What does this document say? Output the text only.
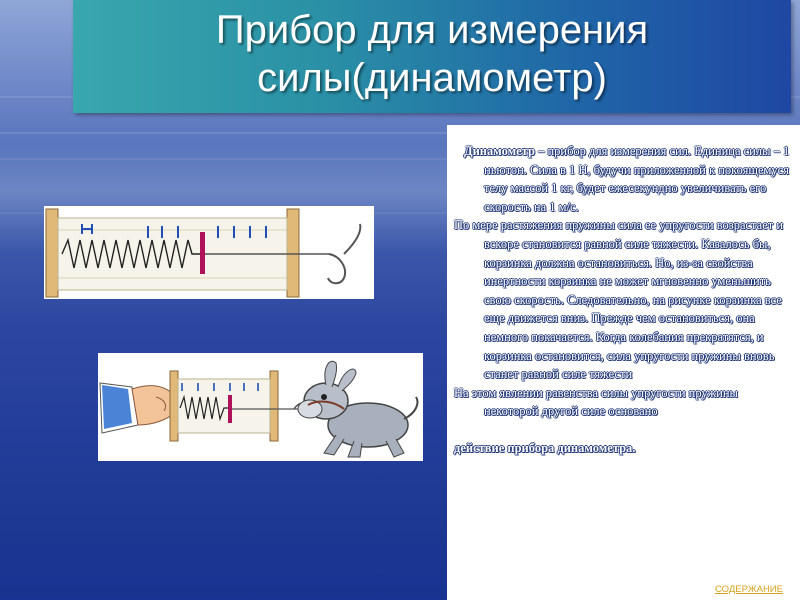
Прибор для измерения
силы(динамометр)

Динамометр – прибор для измерения сил. Единица силы – 1 ньютон. Сила в 1 Н, будучи приложенной к покоящемуся телу массой 1 кг, будет ежесекундно увеличивать его скорость на 1 м/с.

По мере растяжения пружины сила ее упругости возрастает и вскоре становится равной силе тяжести. Казалось бы, корзинка должна остановиться. Но, из-за свойства инертности корзинка не может мгновенно уменьшить свою скорость. Следовательно, на рисунке корзинка все еще движется вниз. Прежде чем остановиться, она немного покачается. Когда колебания прекратятся, и корзинка остановится, сила упругости пружины вновь станет равной силе тяжести

На этом явлении равенства силы упругости пружины некоторой другой силе основано

действие прибора динамометра.

СОДЕРЖАНИЕ
